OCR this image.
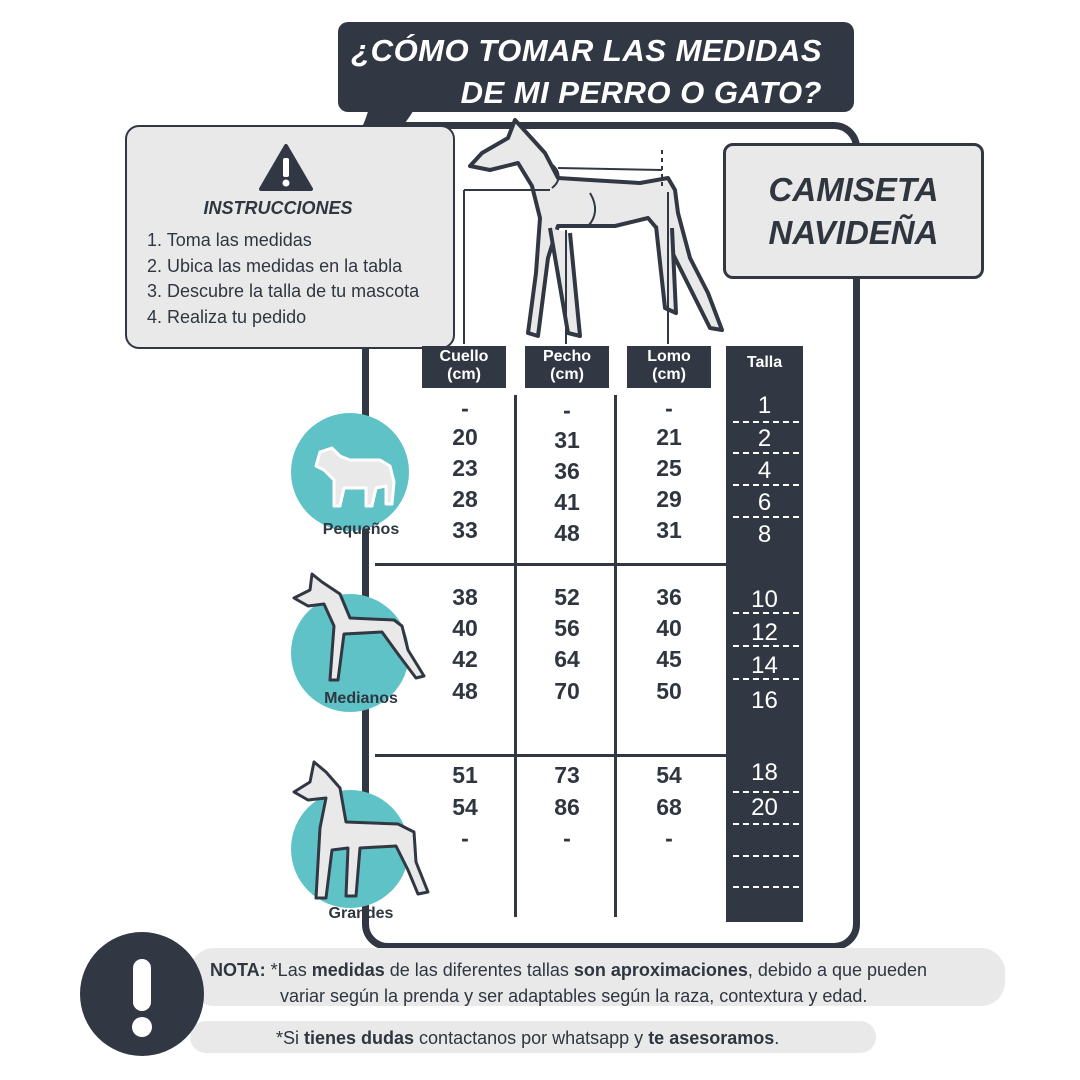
¿CÓMO TOMAR LAS MEDIDAS
DE MI PERRO O GATO?
INSTRUCCIONES
1. Toma las medidas
2. Ubica las medidas en la tabla
3. Descubre la talla de tu mascota
4. Realiza tu pedido
CAMISETA
NAVIDEÑA
Cuello
(cm)
Pecho
(cm)
Lomo
(cm)
Talla
-
20
23
28
33
38
40
42
48
51
54
-
-
31
36
41
48
52
56
64
70
73
86
-
-
21
25
29
31
36
40
45
50
54
68
-
1
2
4
6
8
10
12
14
16
18
20
Pequeños
Medianos
Grandes
NOTA: *Las medidas de las diferentes tallas son aproximaciones, debido a que pueden
variar según la prenda y ser adaptables según la raza, contextura y edad.
*Si tienes dudas contactanos por whatsapp y te asesoramos.
